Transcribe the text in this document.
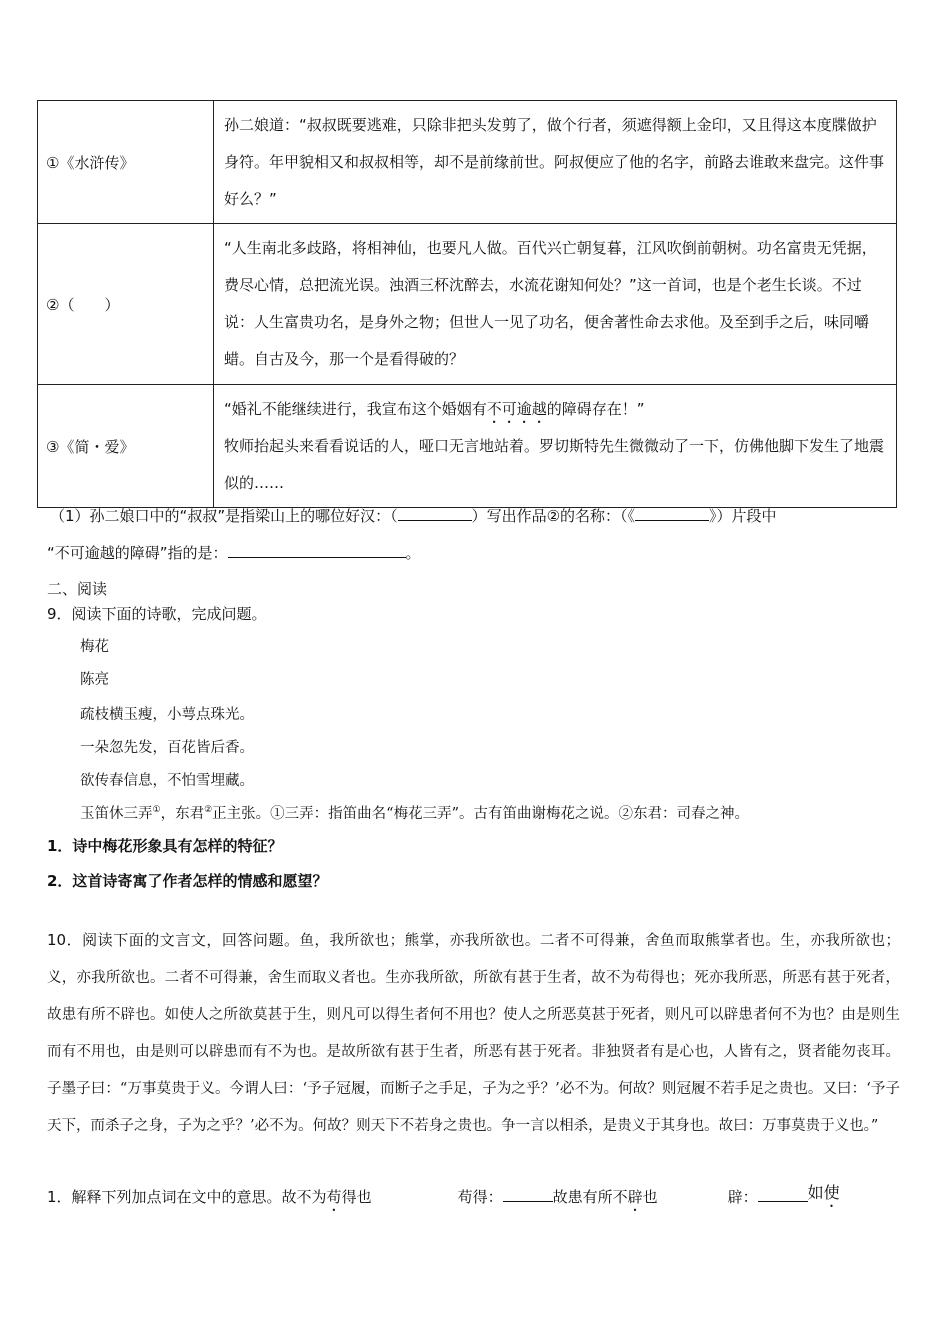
①《水浒传》	孙二娘道：“叔叔既要逃难，只除非把头发剪了，做个行者，须遮得额上金印，又且得这本度牒做护身符。年甲貌相又和叔叔相等，却不是前缘前世。阿叔便应了他的名字，前路去谁敢来盘完。这件事好么？”
②（　　）	“人生南北多歧路，将相神仙，也要凡人做。百代兴亡朝复暮，江风吹倒前朝树。功名富贵无凭据，费尽心情，总把流光误。浊酒三杯沈醉去，水流花谢知何处？”这一首词，也是个老生长谈。不过说：人生富贵功名，是身外之物；但世人一见了功名，便舍著性命去求他。及至到手之后，味同嚼蜡。自古及今，那一个是看得破的？
③《简・爱》	“婚礼不能继续进行，我宣布这个婚姻有不可逾越的障碍存在！”
牧师抬起头来看看说话的人，哑口无言地站着。罗切斯特先生微微动了一下，仿佛他脚下发生了地震似的……
（1）孙二娘口中的“叔叔”是指梁山上的哪位好汉：（	）写出作品②的名称：（《	》）片段中
“不可逾越的障碍”指的是：	。
二、阅读
9．阅读下面的诗歌，完成问题。
梅花
陈亮
疏枝横玉瘦，小萼点珠光。
一朵忽先发，百花皆后香。
欲传春信息，不怕雪埋藏。
玉笛休三弄①，东君②正主张。①三弄：指笛曲名“梅花三弄”。古有笛曲谢梅花之说。②东君：司春之神。
1．诗中梅花形象具有怎样的特征？
2．这首诗寄寓了作者怎样的情感和愿望？
10．阅读下面的文言文，回答问题。鱼，我所欲也；熊掌，亦我所欲也。二者不可得兼，舍鱼而取熊掌者也。生，亦我所欲也；义，亦我所欲也。二者不可得兼，舍生而取义者也。生亦我所欲，所欲有甚于生者，故不为苟得也；死亦我所恶，所恶有甚于死者，故患有所不辟也。如使人之所欲莫甚于生，则凡可以得生者何不用也？使人之所恶莫甚于死者，则凡可以辟患者何不为也？由是则生而有不用也，由是则可以辟患而有不为也。是故所欲有甚于生者，所恶有甚于死者。非独贤者有是心也，人皆有之，贤者能勿丧耳。子墨子曰：“万事莫贵于义。今谓人曰：‘予子冠履，而断子之手足，子为之乎？’必不为。何故？则冠履不若手足之贵也。又曰：‘予子天下，而杀子之身，子为之乎？’必不为。何故？则天下不若身之贵也。争一言以相杀，是贵义于其身也。故曰：万事莫贵于义也。”
1．解释下列加点词在文中的意思。故不为苟得也	苟得：	故患有所不辟也	辟：	如使
